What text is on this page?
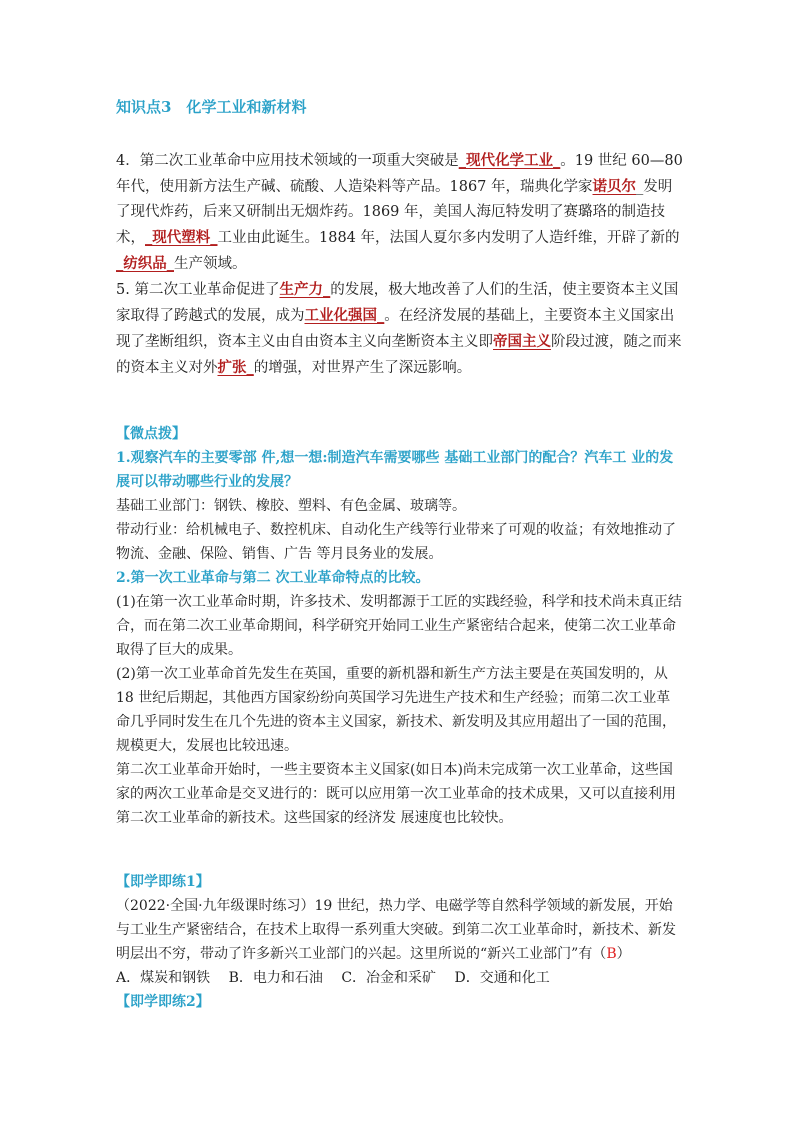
知识点3　化学工业和新材料

4．第二次工业革命中应用技术领域的一项重大突破是_现代化学工业_。19 世纪 60—80 年代，使用新方法生产碱、硫酸、人造染料等产品。1867 年，瑞典化学家诺贝尔_发明了现代炸药，后来又研制出无烟炸药。1869 年，美国人海厄特发明了赛璐珞的制造技术，_现代塑料_工业由此诞生。1884 年，法国人夏尔多内发明了人造纤维，开辟了新的_纺织品_生产领域。

5. 第二次工业革命促进了生产力_的发展，极大地改善了人们的生活，使主要资本主义国家取得了跨越式的发展，成为工业化强国_。在经济发展的基础上，主要资本主义国家出现了垄断组织，资本主义由自由资本主义向垄断资本主义即帝国主义阶段过渡，随之而来的资本主义对外扩张_的增强，对世界产生了深远影响。

【微点拨】

1.观察汽车的主要零部 件,想一想:制造汽车需要哪些 基础工业部门的配合？汽车工 业的发展可以带动哪些行业的发展？

基础工业部门：钢铁、橡胶、塑料、有色金属、玻璃等。

带动行业：给机械电子、数控机床、自动化生产线等行业带来了可观的收益；有效地推动了物流、金融、保险、销售、广告 等月艮务业的发展。

2.第一次工业革命与第二 次工业革命特点的比较。

(1)在第一次工业革命时期，许多技术、发明都源于工匠的实践经验，科学和技术尚未真正结合，而在第二次工业革命期间，科学研究开始同工业生产紧密结合起来，使第二次工业革命取得了巨大的成果。

(2)第一次工业革命首先发生在英国，重要的新机器和新生产方法主要是在英国发明的，从 18 世纪后期起，其他西方国家纷纷向英国学习先进生产技术和生产经验；而第二次工业革命几乎同时发生在几个先进的资本主义国家，新技术、新发明及其应用超出了一国的范围，规模更大，发展也比较迅速。

第二次工业革命开始时，一些主要资本主义国家(如日本)尚未完成第一次工业革命，这些国家的两次工业革命是交叉进行的：既可以应用第一次工业革命的技术成果，又可以直接利用第二次工业革命的新技术。这些国家的经济发 展速度也比较快。

【即学即练1】

（2022·全国·九年级课时练习）19 世纪，热力学、电磁学等自然科学领域的新发展，开始与工业生产紧密结合，在技术上取得一系列重大突破。到第二次工业革命时，新技术、新发明层出不穷，带动了许多新兴工业部门的兴起。这里所说的“新兴工业部门”有（B）

A．煤炭和钢铁 B．电力和石油 C．冶金和采矿 D．交通和化工

【即学即练2】
